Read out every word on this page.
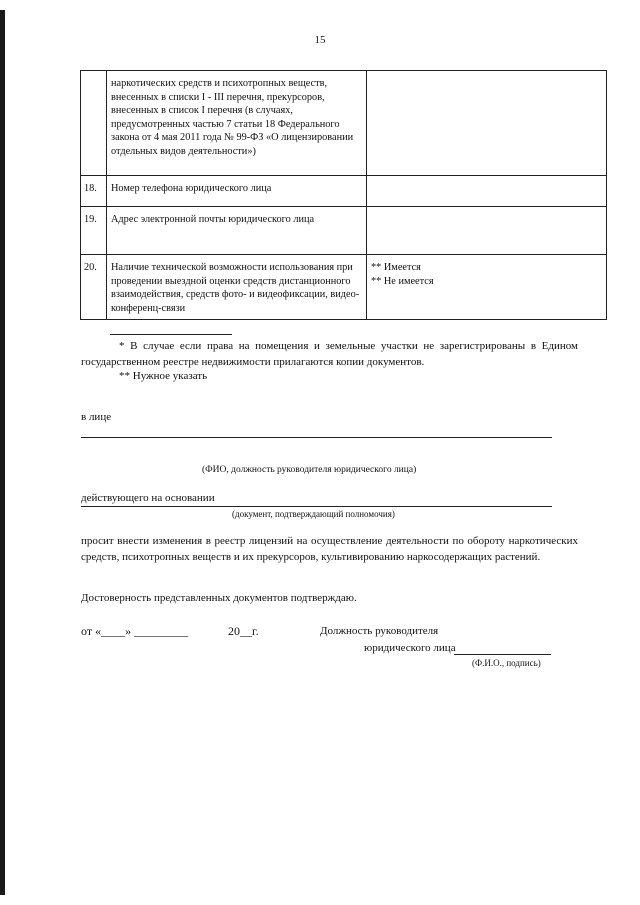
15
	наркотических средств и психотропных веществ, внесенных в списки I - III перечня, прекурсоров, внесенных в список I перечня (в случаях, предусмотренных частью 7 статьи 18 Федерального закона от 4 мая 2011 года № 99-ФЗ «О лицензировании отдельных видов деятельности»)	
18.	Номер телефона юридического лица	
19.	Адрес электронной почты юридического лица	
20.	Наличие технической возможности использования при проведении выездной оценки средств дистанционного взаимодействия, средств фото- и видеофиксации, видео-конференц-связи	** Имеется
** Не имеется
* В случае если права на помещения и земельные участки не зарегистрированы в Едином государственном реестре недвижимости прилагаются копии документов.
** Нужное указать
в лице
(ФИО, должность руководителя юридического лица)
действующего на основании
(документ, подтверждающий полномочия)
просит внести изменения в реестр лицензий на осуществление деятельности по обороту наркотических средств, психотропных веществ и их прекурсоров, культивированию наркосодержащих растений.
Достоверность представленных документов подтверждаю.
от «____» _________	20__г.	Должность руководителя
юридического лица
(Ф.И.О., подпись)
